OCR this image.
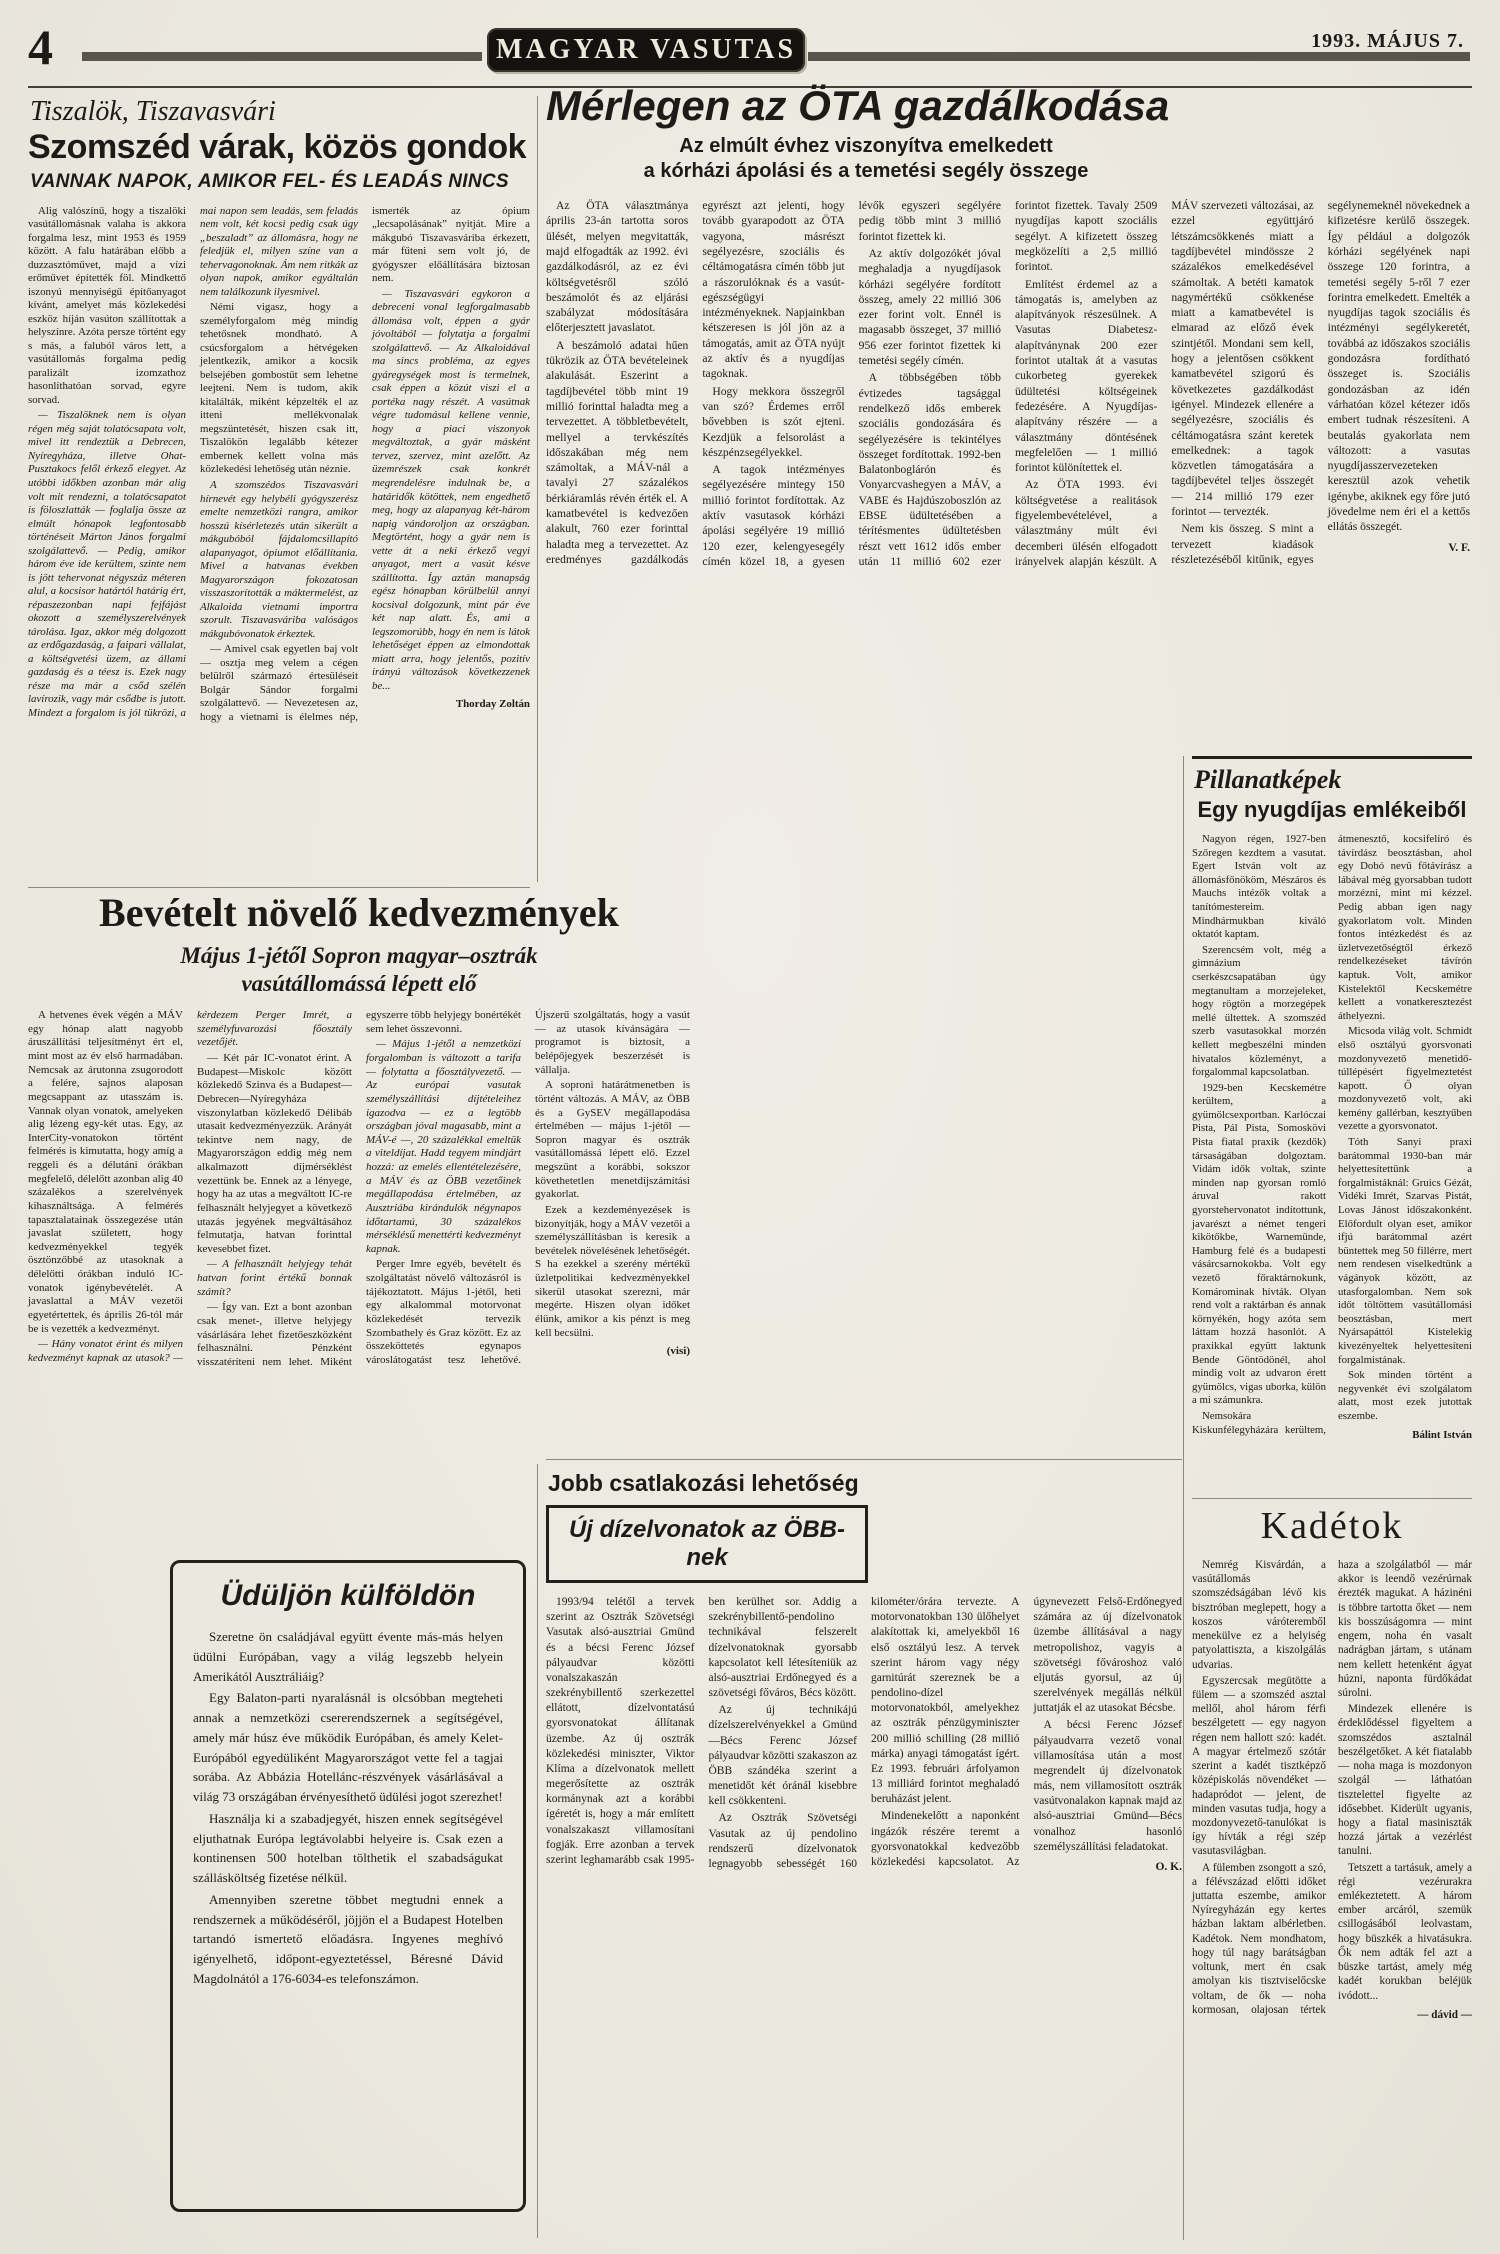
4	MAGYAR VASUTAS	1993. MÁJUS 7.
Tiszalök, Tiszavasvári
Szomszéd várak, közös gondok
VANNAK NAPOK, AMIKOR FEL- ÉS LEADÁS NINCS

Alig valószínű, hogy a tiszalöki vasútállomásnak valaha is akkora forgalma lesz, mint 1953 és 1959 között. A falu határában előbb a duzzasztóművet, majd a vízi erőművet építették föl. Mindkettő iszonyú mennyiségű építőanyagot kívánt, amelyet más közlekedési eszköz híján vasúton szállítottak a helyszínre. Azóta persze történt egy s más, a faluból város lett, a vasútállomás forgalma pedig paralizált izomzathoz hasonlíthatóan sorvad, egyre sorvad.

— Tiszalöknek nem is olyan régen még saját tolatócsapata volt, mivel itt rendeztük a Debrecen, Nyíregyháza, illetve Ohat-Pusztakocs felől érkező elegyet. Az utóbbi időkben azonban már alig volt mit rendezni, a tolatócsapatot is föloszlatták — foglalja össze az elmúlt hónapok legfontosabb történéseit Márton János forgalmi szolgálattevő. — Pedig, amikor három éve ide kerültem, szinte nem is jött tehervonat négyszáz méteren alul, a kocsisor határtól határig ért, répaszezonban napi fejfájást okozott a személyszerelvények tárolása. Igaz, akkor még dolgozott az erdőgazdaság, a faipari vállalat, a költségvetési üzem, az állami gazdaság és a téesz is. Ezek nagy része ma már a csőd szélén lavírozik, vagy már csődbe is jutott. Mindezt a forgalom is jól tükrözi, a mai napon sem leadás, sem feladás nem volt, két kocsi pedig csak úgy „beszaladt” az állomásra, hogy ne feledjük el, milyen színe van a tehervagonoknak. Ám nem ritkák az olyan napok, amikor egyáltalán nem találkozunk ilyesmivel.

Némi vigasz, hogy a személyforgalom még mindig tehetősnek mondható. A csúcsforgalom a hétvégeken jelentkezik, amikor a kocsik belsejében gombostűt sem lehetne leejteni. Nem is tudom, akik kitalálták, miként képzelték el az itteni mellékvonalak megszüntetését, hiszen csak itt, Tiszalökön legalább kétezer embernek kellett volna más közlekedési lehetőség után néznie.

A szomszédos Tiszavasvári hírnevét egy helybéli gyógyszerész emelte nemzetközi rangra, amikor hosszú kísérletezés után sikerült a mákgubóból fájdalomcsillapító alapanyagot, ópiumot előállítania. Mivel a hatvanas években Magyarországon fokozatosan visszaszorították a máktermelést, az Alkaloida vietnami importra szorult. Tiszavasváriba valóságos mákgubóvonatok érkeztek.

— Amivel csak egyetlen baj volt — osztja meg velem a cégen belülről származó értesüléseit Bolgár Sándor forgalmi szolgálattevő. — Nevezetesen az, hogy a vietnami is élelmes nép, ismerték az ópium „lecsapolásának” nyitját. Mire a mákgubó Tiszavasváriba érkezett, már fűteni sem volt jó, de gyógyszer előállítására biztosan nem.

— Tiszavasvári egykoron a debreceni vonal legforgalmasabb állomása volt, éppen a gyár jóvoltából — folytatja a forgalmi szolgálattevő. — Az Alkaloidával ma sincs probléma, az egyes gyáregységek most is termelnek, csak éppen a közút viszi el a portéka nagy részét. A vasútnak végre tudomásul kellene vennie, hogy a piaci viszonyok megváltoztak, a gyár másként tervez, szervez, mint azelőtt. Az üzemrészek csak konkrét megrendelésre indulnak be, a határidők kötöttek, nem engedhető meg, hogy az alapanyag két-három napig vándoroljon az országban. Megtörtént, hogy a gyár nem is vette át a neki érkező vegyi anyagot, mert a vasút késve szállította. Így aztán manapság egész hónapban körülbelül annyi kocsival dolgozunk, mint pár éve két nap alatt. És, ami a legszomorúbb, hogy én nem is látok lehetőséget éppen az elmondottak miatt arra, hogy jelentős, pozitív irányú változások következzenek be...

Thorday Zoltán

Mérlegen az ÖTA gazdálkodása
Az elmúlt évhez viszonyítva emelkedett
a kórházi ápolási és a temetési segély összege

Az ÖTA választmánya április 23-án tartotta soros ülését, melyen megvitatták, majd elfogadták az 1992. évi gazdálkodásról, az ez évi költségvetésről szóló beszámolót és az eljárási szabályzat módosítására előterjesztett javaslatot.

A beszámoló adatai hűen tükrözik az ÖTA bevételeinek alakulását. Eszerint a tagdíjbevétel több mint 19 millió forinttal haladta meg a tervezettet. A többletbevételt, mellyel a tervkészítés időszakában még nem számoltak, a MÁV-nál a tavalyi 27 százalékos bérkiáramlás révén érték el. A kamatbevétel is kedvezően alakult, 760 ezer forinttal haladta meg a tervezettet. Az eredményes gazdálkodás egyrészt azt jelenti, hogy tovább gyarapodott az ÖTA vagyona, másrészt segélyezésre, szociális és céltámogatásra címén több jut a rászorulóknak és a vasút-egészségügyi intézményeknek. Napjainkban kétszeresen is jól jön az a támogatás, amit az ÖTA nyújt az aktív és a nyugdíjas tagoknak.

Hogy mekkora összegről van szó? Érdemes erről bővebben is szót ejteni. Kezdjük a felsorolást a készpénzsegélyekkel.

A tagok intézményes segélyezésére mintegy 150 millió forintot fordítottak. Az aktív vasutasok kórházi ápolási segélyére 19 millió 120 ezer, kelengyesegély címén közel 18, a gyesen lévők egyszeri segélyére pedig több mint 3 millió forintot fizettek ki.

Az aktív dolgozókét jóval meghaladja a nyugdíjasok kórházi segélyére fordított összeg, amely 22 millió 306 ezer forint volt. Ennél is magasabb összeget, 37 millió 956 ezer forintot fizettek ki temetési segély címén.

A többségében több évtizedes tagsággal rendelkező idős emberek szociális gondozására és segélyezésére is tekintélyes összeget fordítottak. 1992-ben Balatonboglárón és Vonyarcvashegyen a MÁV, a VABE és Hajdúszoboszlón az EBSE üdültetésében a térítésmentes üdültetésben részt vett 1612 idős ember után 11 millió 602 ezer forintot fizettek. Tavaly 2509 nyugdíjas kapott szociális segélyt. A kifizetett összeg megközelíti a 2,5 millió forintot.

Említést érdemel az a támogatás is, amelyben az alapítványok részesülnek. A Vasutas Diabetesz-alapítványnak 200 ezer forintot utaltak át a vasutas cukorbeteg gyerekek üdültetési költségeinek fedezésére. A Nyugdíjas-alapítvány részére — a választmány döntésének megfelelően — 1 millió forintot különítettek el.

Az ÖTA 1993. évi költségvetése a realitások figyelembevételével, a választmány múlt évi decemberi ülésén elfogadott irányelvek alapján készült. A MÁV szervezeti változásai, az ezzel együttjáró létszámcsökkenés miatt a tagdíjbevétel mindössze 2 százalékos emelkedésével számoltak. A betéti kamatok nagymértékű csökkenése miatt a kamatbevétel is elmarad az előző évek szintjétől. Mondani sem kell, hogy a jelentősen csökkent kamatbevétel szigorú és következetes gazdálkodást igényel. Mindezek ellenére a segélyezésre, szociális és céltámogatásra szánt keretek emelkednek: a tagok közvetlen támogatására a tagdíjbevétel teljes összegét — 214 millió 179 ezer forintot — tervezték.

Nem kis összeg. S mint a tervezett kiadások részletezéséből kitűnik, egyes segélynemeknél növekednek a kifizetésre kerülő összegek. Így például a dolgozók kórházi segélyének napi összege 120 forintra, a temetési segély 5-ről 7 ezer forintra emelkedett. Emelték a nyugdíjas tagok szociális és intézményi segélykeretét, továbbá az időszakos szociális gondozásra fordítható összeget is. Szociális gondozásban az idén várhatóan közel kétezer idős embert tudnak részesíteni. A beutalás gyakorlata nem változott: a vasutas nyugdíjasszervezeteken keresztül azok vehetik igénybe, akiknek egy főre jutó jövedelme nem éri el a kettős ellátás összegét.

V. F.

Pillanatképek
Egy nyugdíjas emlékeiből

Nagyon régen, 1927-ben Szőregen kezdtem a vasutat. Egert István volt az állomásfőnököm, Mészáros és Mauchs intézők voltak a tanítómestereim. Mindhármukban kiváló oktatót kaptam.

Szerencsém volt, még a gimnázium cserkészcsapatában úgy megtanultam a morzejeleket, hogy rögtön a morzegépek mellé ültettek. A szomszéd szerb vasutasokkal morzén kellett megbeszélni minden hivatalos közleményt, a forgalommal kapcsolatban.

1929-ben Kecskemétre kerültem, a gyümölcsexportban. Karlóczai Pista, Pál Pista, Somoskövi Pista fiatal praxik (kezdők) társaságában dolgoztam. Vidám idők voltak, szinte minden nap gyorsan romló áruval rakott gyorstehervonatot indítottunk, javarészt a német tengeri kikötőkbe, Warnemünde, Hamburg felé és a budapesti vásárcsarnokokba. Volt egy vezető főraktárnokunk, Komárominak hívták. Olyan rend volt a raktárban és annak környékén, hogy azóta sem láttam hozzá hasonlót. A praxikkal együtt laktunk Bende Göntödönél, ahol mindig volt az udvaron érett gyümölcs, vigas uborka, külön a mi számunkra.

Nemsokára Kiskunfélegyházára kerültem, átmenesztő, kocsifelíró és távírdász beosztásban, ahol egy Dobó nevű főtávírász a lábával még gyorsabban tudott morzézni, mint mi kézzel. Pedig abban igen nagy gyakorlatom volt. Minden fontos intézkedést és az üzletvezetőségtől érkező rendelkezéseket távírón kaptuk. Volt, amikor Kistelektől Kecskemétre kellett a vonatkeresztezést áthelyezni.

Micsoda világ volt. Schmidt első osztályú gyorsvonati mozdonyvezető menetidő-túllépésért figyelmeztetést kapott. Ő olyan mozdonyvezető volt, aki kemény gallérban, kesztyűben vezette a gyorsvonatot.

Tóth Sanyi praxi barátommal 1930-ban már helyettesítettünk a forgalmistáknál: Gruics Gézát, Vidéki Imrét, Szarvas Pistát, Lovas Jánost időszakonként. Előfordult olyan eset, amikor ifjú barátommal azért büntettek meg 50 fillérre, mert nem rendesen viselkedtünk a vágányok között, az utasforgalomban. Nem sok időt töltöttem vasútállomási beosztásban, mert Nyársapáttól Kistelekig kivezényeltek helyettesíteni forgalmistának.

Sok minden történt a negyvenkét évi szolgálatom alatt, most ezek jutottak eszembe.

Bálint István

Bevételt növelő kedvezmények
Május 1-jétől Sopron magyar–osztrák
vasútállomássá lépett elő

A hetvenes évek végén a MÁV egy hónap alatt nagyobb áruszállítási teljesítményt ért el, mint most az év első harmadában. Nemcsak az árutonna zsugorodott a felére, sajnos alaposan megcsappant az utasszám is. Vannak olyan vonatok, amelyeken alig lézeng egy-két utas. Egy, az InterCity-vonatokon történt felmérés is kimutatta, hogy amíg a reggeli és a délutáni órákban megfelelő, délelőtt azonban alig 40 százalékos a szerelvények kihasználtsága. A felmérés tapasztalatainak összegezése után javaslat született, hogy kedvezményekkel tegyék ösztönzőbbé az utasoknak a délelőtti órákban induló IC-vonatok igénybevételét. A javaslattal a MÁV vezetői egyetértettek, és április 26-tól már be is vezették a kedvezményt.

— Hány vonatot érint és milyen kedvezményt kapnak az utasok? — kérdezem Perger Imrét, a személyfuvarozási főosztály vezetőjét.

— Két pár IC-vonatot érint. A Budapest—Miskolc között közlekedő Szinva és a Budapest—Debrecen—Nyíregyháza viszonylatban közlekedő Délibáb utasait kedvezményezzük. Arányát tekintve nem nagy, de Magyarországon eddig még nem alkalmazott díjmérséklést vezettünk be. Ennek az a lényege, hogy ha az utas a megváltott IC-re felhasznált helyjegyet a következő utazás jegyének megváltásához felmutatja, hatvan forinttal kevesebbet fizet.

— A felhasznált helyjegy tehát hatvan forint értékű bonnak számít?

— Így van. Ezt a bont azonban csak menet-, illetve helyjegy vásárlására lehet fizetőeszközként felhasználni. Pénzként visszatéríteni nem lehet. Miként egyszerre több helyjegy bonértékét sem lehet összevonni.

— Május 1-jétől a nemzetközi forgalomban is változott a tarifa — folytatta a főosztályvezető. — Az európai vasutak személyszállítási díjtételeihez igazodva — ez a legtöbb országban jóval magasabb, mint a MÁV-é —, 20 százalékkal emeltük a viteldíjat. Hadd tegyem mindjárt hozzá: az emelés ellentételezésére, a MÁV és az ÖBB vezetőinek megállapodása értelmében, az Ausztriába kirándulók négynapos időtartamú, 30 százalékos mérséklésű menettérti kedvezményt kapnak.

Perger Imre egyéb, bevételt és szolgáltatást növelő változásról is tájékoztatott. Május 1-jétől, heti egy alkalommal motorvonat közlekedését tervezik Szombathely és Graz között. Ez az összeköttetés egynapos városlátogatást tesz lehetővé. Újszerű szolgáltatás, hogy a vasút — az utasok kívánságára — programot is biztosít, a belépőjegyek beszerzését is vállalja.

A soproni határátmenetben is történt változás. A MÁV, az ÖBB és a GySEV megállapodása értelmében — május 1-jétől — Sopron magyar és osztrák vasútállomássá lépett elő. Ezzel megszűnt a korábbi, sokszor követhetetlen menetdíjszámítási gyakorlat.

Ezek a kezdeményezések is bizonyítják, hogy a MÁV vezetői a személyszállításban is keresik a bevételek növelésének lehetőségét. S ha ezekkel a szerény mértékű üzletpolitikai kedvezményekkel sikerül utasokat szerezni, már megérte. Hiszen olyan időket élünk, amikor a kis pénzt is meg kell becsülni.

(visi)

Üdüljön külföldön

Szeretne ön családjával együtt évente más-más helyen üdülni Európában, vagy a világ legszebb helyein Amerikától Ausztráliáig?

Egy Balaton-parti nyaralásnál is olcsóbban megteheti annak a nemzetközi csererendszernek a segítségével, amely már húsz éve működik Európában, és amely Kelet-Európából egyedüliként Magyarországot vette fel a tagjai sorába. Az Abbázia Hotellánc-részvények vásárlásával a világ 73 országában érvényesíthető üdülési jogot szerezhet!

Használja ki a szabadjegyét, hiszen ennek segítségével eljuthatnak Európa legtávolabbi helyeire is. Csak ezen a kontinensen 500 hotelban tölthetik el szabadságukat szállásköltség fizetése nélkül.

Amennyiben szeretne többet megtudni ennek a rendszernek a működéséről, jöjjön el a Budapest Hotelben tartandó ismertető előadásra. Ingyenes meghívó igényelhető, időpont-egyeztetéssel, Béresné Dávid Magdolnától a 176-6034-es telefonszámon.

Jobb csatlakozási lehetőség
Új dízelvonatok az ÖBB-nek

1993/94 telétől a tervek szerint az Osztrák Szövetségi Vasutak alsó-ausztriai Gmünd és a bécsi Ferenc József pályaudvar közötti vonalszakaszán szekrénybillentő szerkezettel ellátott, dízelvontatású gyorsvonatokat állítanak üzembe. Az új osztrák közlekedési miniszter, Viktor Klíma a dízelvonatok mellett megerősítette az osztrák kormánynak azt a korábbi ígéretét is, hogy a már említett vonalszakaszt villamosítani fogják. Erre azonban a tervek szerint leghamarább csak 1995-ben kerülhet sor. Addig a szekrénybillentő-pendolino technikával felszerelt dízelvonatoknak gyorsabb kapcsolatot kell létesíteniük az alsó-ausztriai Erdőnegyed és a szövetségi főváros, Bécs között.

Az új technikájú dízelszerelvényekkel a Gmünd—Bécs Ferenc József pályaudvar közötti szakaszon az ÖBB szándéka szerint a menetidőt két óránál kisebbre kell csökkenteni.

Az Osztrák Szövetségi Vasutak az új pendolino rendszerű dízelvonatok legnagyobb sebességét 160 kilométer/órára tervezte. A motorvonatokban 130 ülőhelyet alakítottak ki, amelyekből 16 első osztályú lesz. A tervek szerint három vagy négy garnitúrát szereznek be a pendolino-dízel motorvonatokból, amelyekhez az osztrák pénzügyminiszter 200 millió schilling (28 millió márka) anyagi támogatást ígért. Ez 1993. februári árfolyamon 13 milliárd forintot meghaladó beruházást jelent.

Mindenekelőtt a naponként ingázók részére teremt a gyorsvonatokkal kedvezőbb közlekedési kapcsolatot. Az úgynevezett Felső-Erdőnegyed számára az új dízelvonatok üzembe állításával a nagy metropolishoz, vagyis a szövetségi fővároshoz való eljutás gyorsul, az új szerelvények megállás nélkül juttatják el az utasokat Bécsbe.

A bécsi Ferenc József pályaudvarra vezető vonal villamosítása után a most megrendelt új dízelvonatok más, nem villamosított osztrák vasútvonalakon kapnak majd az alsó-ausztriai Gmünd—Bécs vonalhoz hasonló személyszállítási feladatokat.

O. K.

Kadétok

Nemrég Kisvárdán, a vasútállomás szomszédságában lévő kis bisztróban meglepett, hogy a koszos váróteremből menekülve ez a helyiség patyolattiszta, a kiszolgálás udvarias.

Egyszercsak megütötte a fülem — a szomszéd asztal mellől, ahol három férfi beszélgetett — egy nagyon régen nem hallott szó: kadét. A magyar értelmező szótár szerint a kadét tisztképző középiskolás növendéket — hadapródot — jelent, de minden vasutas tudja, hogy a mozdonyvezető-tanulókat is így hívták a régi szép vasutasvilágban.

A fülemben zsongott a szó, a félévszázad előtti időket juttatta eszembe, amikor Nyíregyházán egy kertes házban laktam albérletben. Kadétok. Nem mondhatom, hogy túl nagy barátságban voltunk, mert én csak amolyan kis tisztviselőcske voltam, de ők — noha kormosan, olajosan tértek haza a szolgálatból — már akkor is leendő vezérúrnak érezték magukat. A házinéni is többre tartotta őket — nem kis bosszúságomra — mint engem, noha én vasalt nadrágban jártam, s utánam nem kellett hetenként ágyat húzni, naponta fürdőkádat súrolni.

Mindezek ellenére is érdeklődéssel figyeltem a szomszédos asztalnál beszélgetőket. A két fiatalabb — noha maga is mozdonyon szolgál — láthatóan tisztelettel figyelte az idősebbet. Kiderült ugyanis, hogy a fiatal masiniszták hozzá jártak a vezérlést tanulni.

Tetszett a tartásuk, amely a régi vezérurakra emlékeztetett. A három ember arcáról, szemük csillogásából leolvastam, hogy büszkék a hivatásukra. Ők nem adták fel azt a büszke tartást, amely még kadét korukban beléjük ivódott...

— dávid —
